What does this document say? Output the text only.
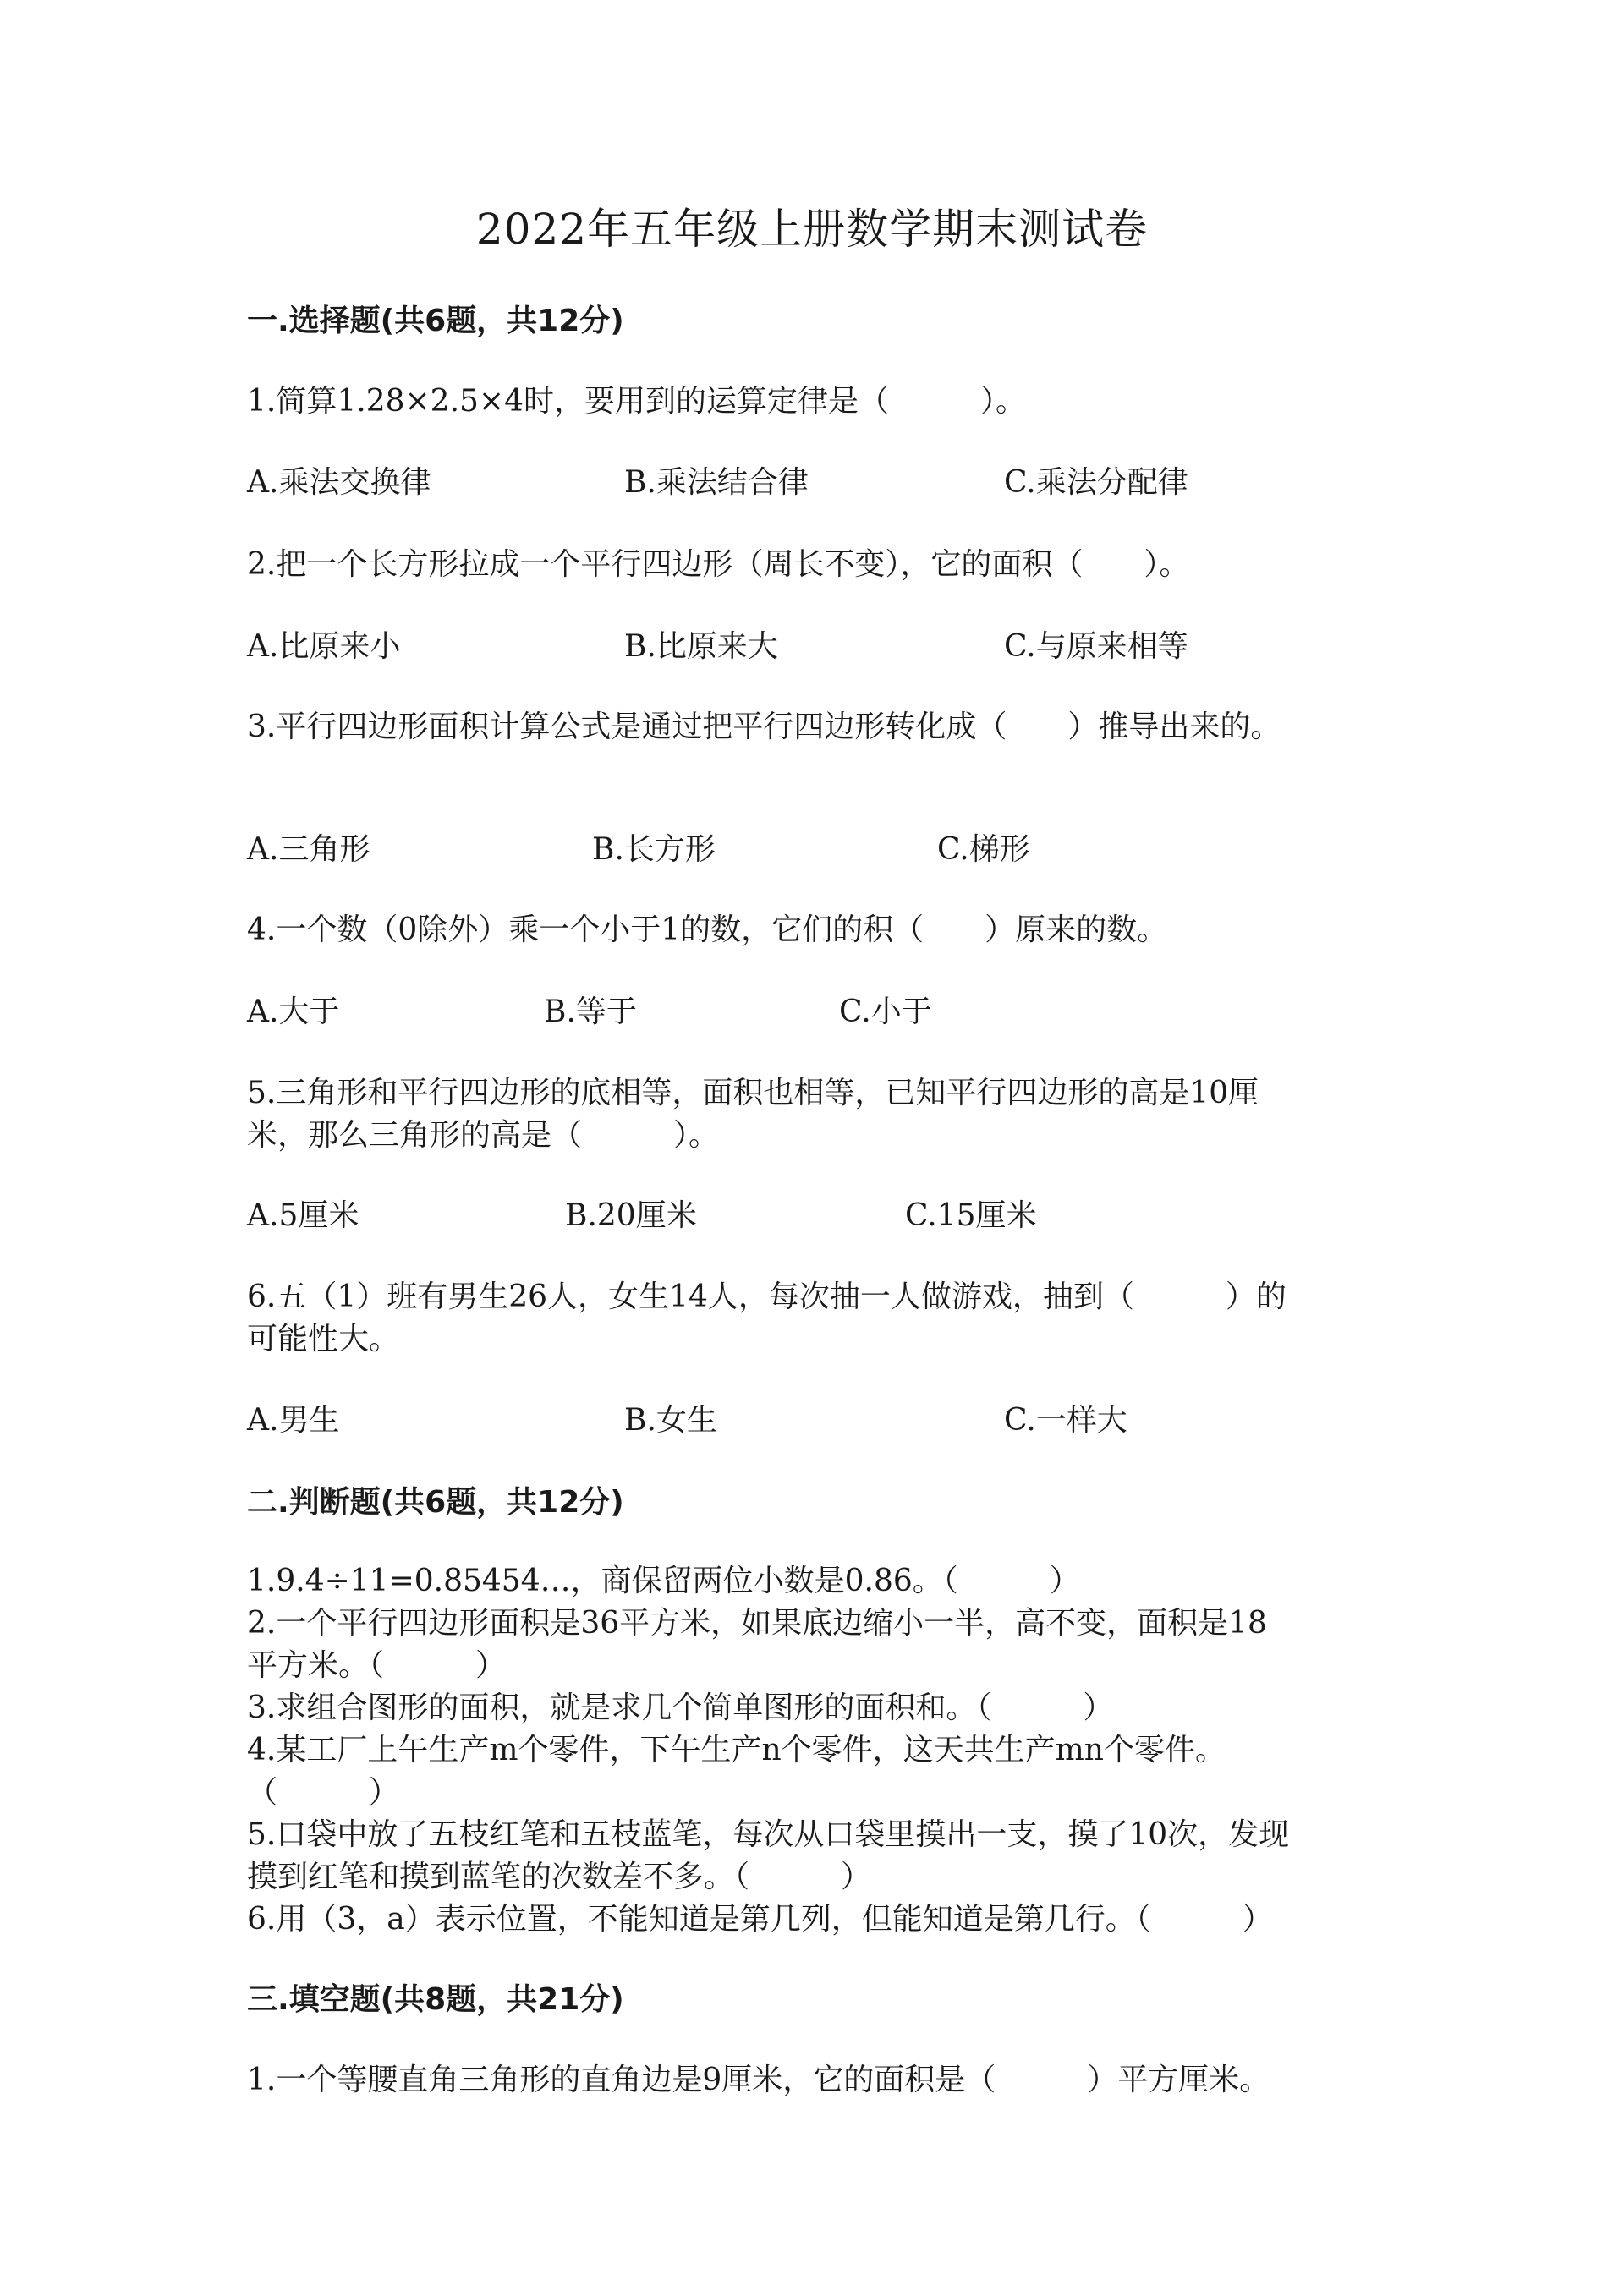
2022年五年级上册数学期末测试卷
一.选择题(共6题，共12分)
1.简算1.28×2.5×4时，要用到的运算定律是（　　　）。
A.乘法交换律	B.乘法结合律	C.乘法分配律
2.把一个长方形拉成一个平行四边形（周长不变），它的面积（　　）。
A.比原来小	B.比原来大	C.与原来相等
3.平行四边形面积计算公式是通过把平行四边形转化成（　　）推导出来的。
A.三角形	B.长方形	C.梯形
4.一个数（0除外）乘一个小于1的数，它们的积（　　）原来的数。
A.大于	B.等于	C.小于
5.三角形和平行四边形的底相等，面积也相等，已知平行四边形的高是10厘
米，那么三角形的高是（　　　）。
A.5厘米	B.20厘米	C.15厘米
6.五（1）班有男生26人，女生14人，每次抽一人做游戏，抽到（　　　）的
可能性大。
A.男生	B.女生	C.一样大
二.判断题(共6题，共12分)
1.9.4÷11=0.85454…，商保留两位小数是0.86。（　　　）
2.一个平行四边形面积是36平方米，如果底边缩小一半，高不变，面积是18
平方米。（　　　）
3.求组合图形的面积，就是求几个简单图形的面积和。（　　　）
4.某工厂上午生产m个零件，下午生产n个零件，这天共生产mn个零件。
（　　　）
5.口袋中放了五枝红笔和五枝蓝笔，每次从口袋里摸出一支，摸了10次，发现
摸到红笔和摸到蓝笔的次数差不多。（　　　）
6.用（3，a）表示位置，不能知道是第几列，但能知道是第几行。（　　　）
三.填空题(共8题，共21分)
1.一个等腰直角三角形的直角边是9厘米，它的面积是（　　　）平方厘米。
